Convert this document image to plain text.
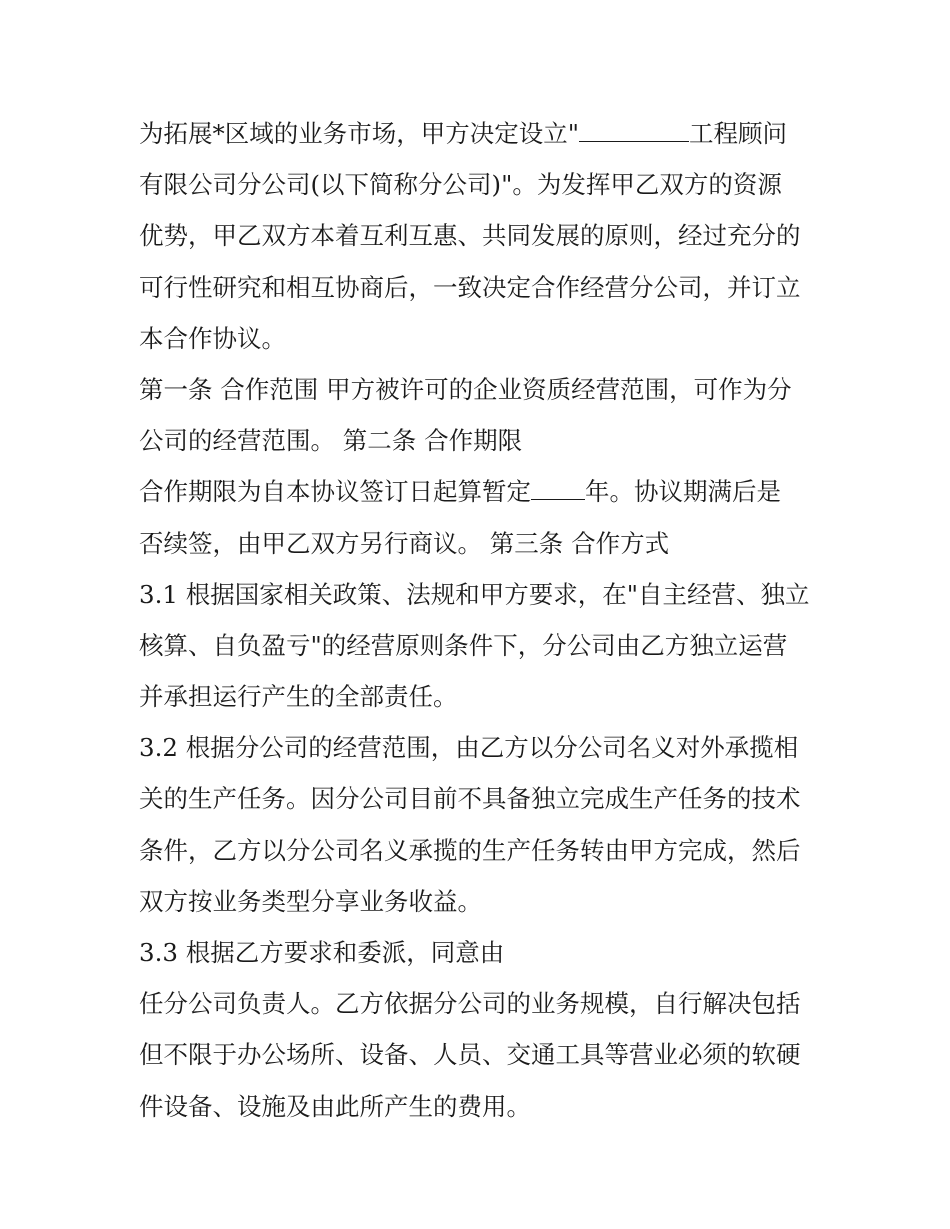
为拓展*区域的业务市场，甲方决定设立"	工程顾问
有限公司分公司(以下简称分公司)"。为发挥甲乙双方的资源
优势，甲乙双方本着互利互惠、共同发展的原则，经过充分的
可行性研究和相互协商后，一致决定合作经营分公司，并订立
本合作协议。
第一条 合作范围 甲方被许可的企业资质经营范围，可作为分
公司的经营范围。 第二条 合作期限
合作期限为自本协议签订日起算暂定 年。协议期满后是
否续签，由甲乙双方另行商议。 第三条 合作方式
3.1 根据国家相关政策、法规和甲方要求，在"自主经营、独立
核算、自负盈亏"的经营原则条件下，分公司由乙方独立运营
并承担运行产生的全部责任。
3.2 根据分公司的经营范围，由乙方以分公司名义对外承揽相
关的生产任务。因分公司目前不具备独立完成生产任务的技术
条件，乙方以分公司名义承揽的生产任务转由甲方完成，然后
双方按业务类型分享业务收益。
3.3 根据乙方要求和委派，同意由
任分公司负责人。乙方依据分公司的业务规模，自行解决包括
但不限于办公场所、设备、人员、交通工具等营业必须的软硬
件设备、设施及由此所产生的费用。
